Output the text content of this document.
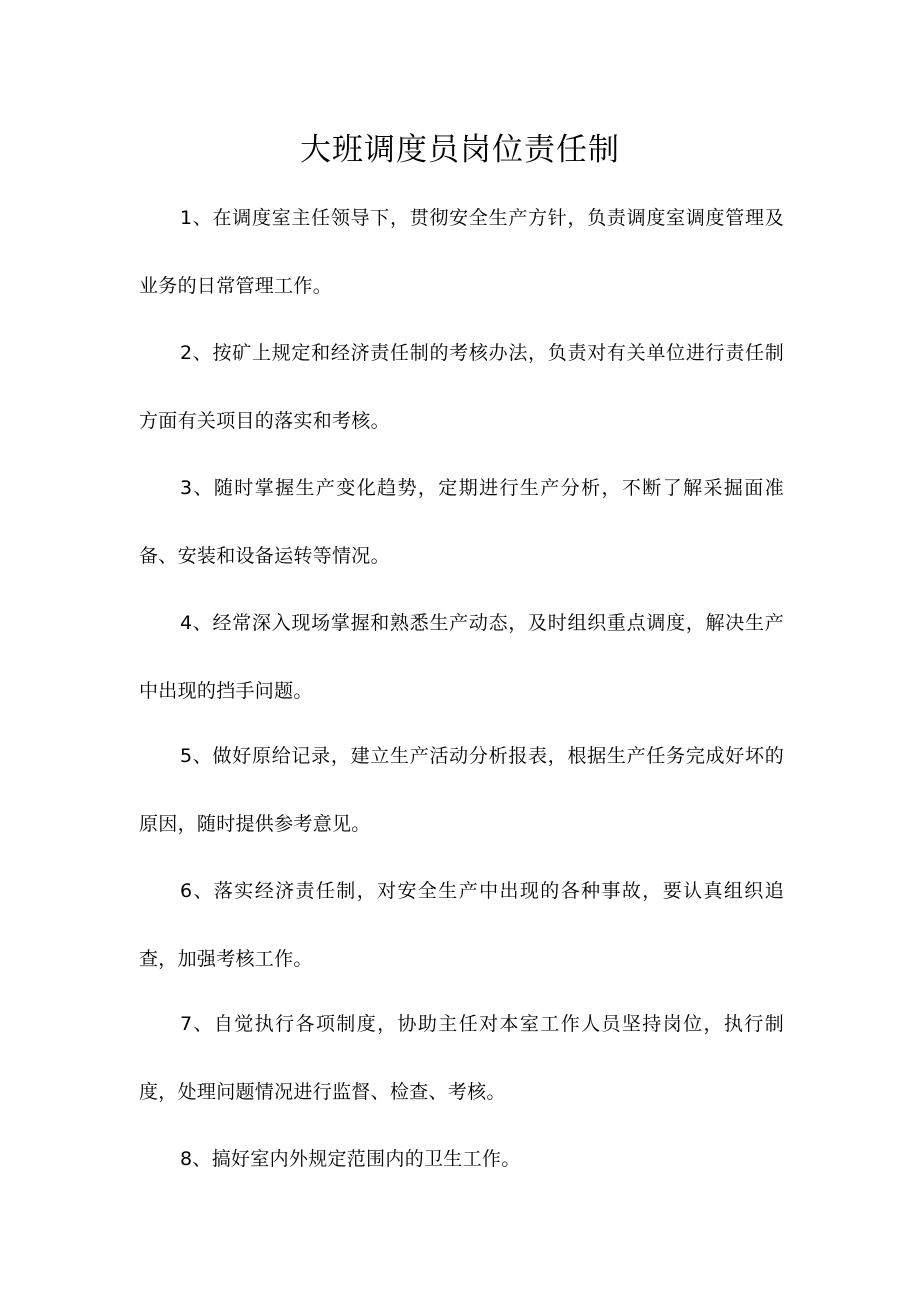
大班调度员岗位责任制

1、在调度室主任领导下，贯彻安全生产方针，负责调度室调度管理及业务的日常管理工作。

2、按矿上规定和经济责任制的考核办法，负责对有关单位进行责任制方面有关项目的落实和考核。

3、随时掌握生产变化趋势，定期进行生产分析，不断了解采掘面准备、安装和设备运转等情况。

4、经常深入现场掌握和熟悉生产动态，及时组织重点调度，解决生产中出现的挡手问题。

5、做好原给记录，建立生产活动分析报表，根据生产任务完成好坏的原因，随时提供参考意见。

6、落实经济责任制，对安全生产中出现的各种事故，要认真组织追查，加强考核工作。

7、自觉执行各项制度，协助主任对本室工作人员坚持岗位，执行制度，处理问题情况进行监督、检查、考核。

8、搞好室内外规定范围内的卫生工作。
